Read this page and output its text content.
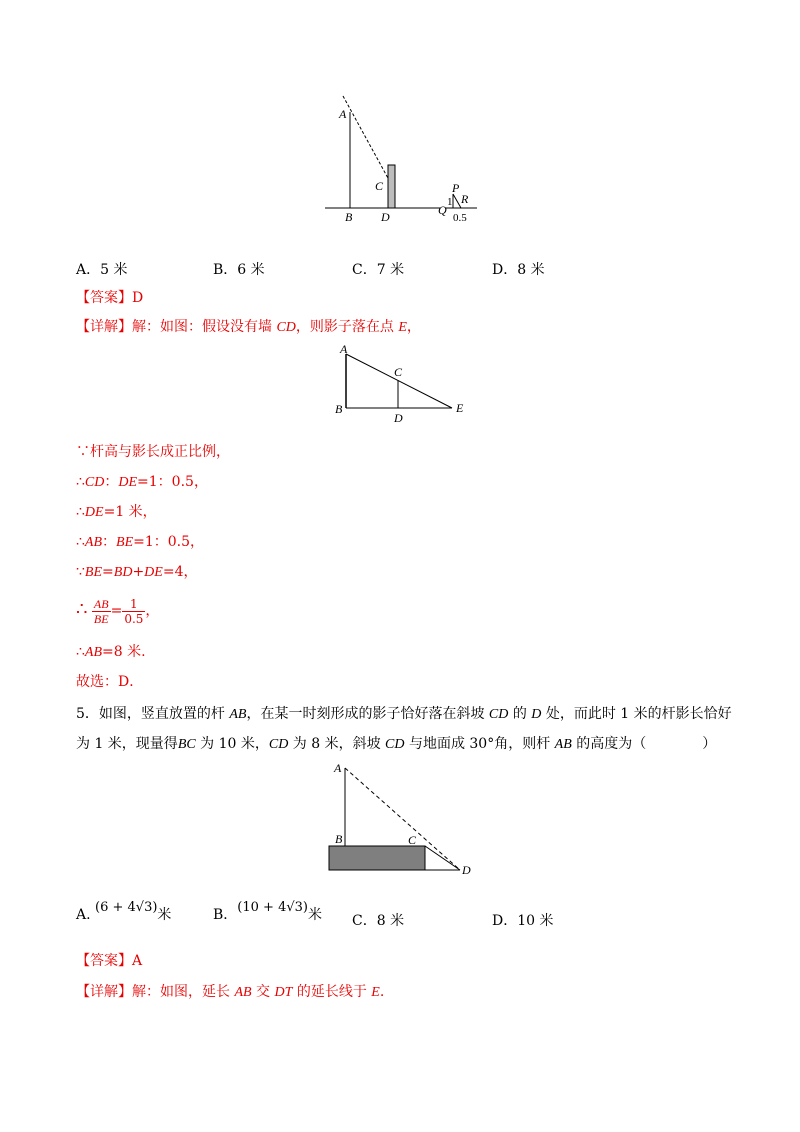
A
B
C
D
P
Q
R
1
0.5
A．5 米	B．6 米	C．7 米	D．8 米
【答案】D
【详解】解：如图：假设没有墙 CD，则影子落在点 E，
A
B
C
D
E
∵杆高与影长成正比例，
∴CD：DE=1：0.5，
∴DE=1 米，
∴AB：BE=1：0.5，
∵BE=BD+DE=4，
∴ $\frac{AB}{BE} = \frac{1}{0.5}$ ，
∴AB=8 米.
故选：D．
5．如图，竖直放置的杆 AB，在某一时刻形成的影子恰好落在斜坡 CD 的 D 处，而此时 1 米的杆影长恰好
为 1 米，现量得BC 为 10 米，CD 为 8 米，斜坡 CD 与地面成 30°角，则杆 AB 的高度为（　　　　）
A
B	C
D
A. (6 + 4√3)米	B．(10 + 4√3)米 C．8 米	D．10 米
【答案】A
【详解】解：如图，延长 AB 交 DT 的延长线于 E.
